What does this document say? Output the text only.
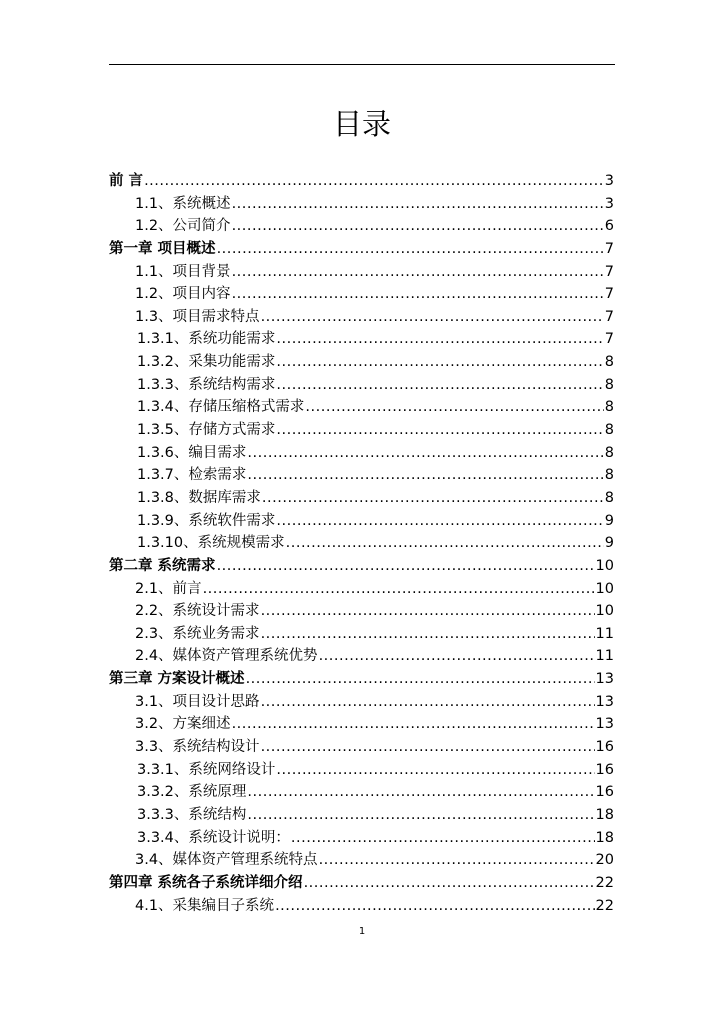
目录
前 言 .....	3
1.1、系统概述 .....	3
1.2、公司简介 .....	6
第一章 项目概述 .....	7
1.1、项目背景 .....	7
1.2、项目内容 .....	7
1.3、项目需求特点 .....	7
1.3.1、系统功能需求 .....	7
1.3.2、采集功能需求 .....	8
1.3.3、系统结构需求 .....	8
1.3.4、存储压缩格式需求 .....	8
1.3.5、存储方式需求 .....	8
1.3.6、编目需求 .....	8
1.3.7、检索需求 .....	8
1.3.8、数据库需求 .....	8
1.3.9、系统软件需求 .....	9
1.3.10、系统规模需求 .....	9
第二章 系统需求 .....	10
2.1、前言 .....	10
2.2、系统设计需求 .....	10
2.3、系统业务需求 .....	11
2.4、媒体资产管理系统优势 .....	11
第三章 方案设计概述 .....	13
3.1、项目设计思路 .....	13
3.2、方案细述 .....	13
3.3、系统结构设计 .....	16
3.3.1、系统网络设计 .....	16
3.3.2、系统原理 .....	16
3.3.3、系统结构 .....	18
3.3.4、系统设计说明： .....	18
3.4、媒体资产管理系统特点 .....	20
第四章 系统各子系统详细介绍 .....	22
4.1、采集编目子系统 .....	22
1
